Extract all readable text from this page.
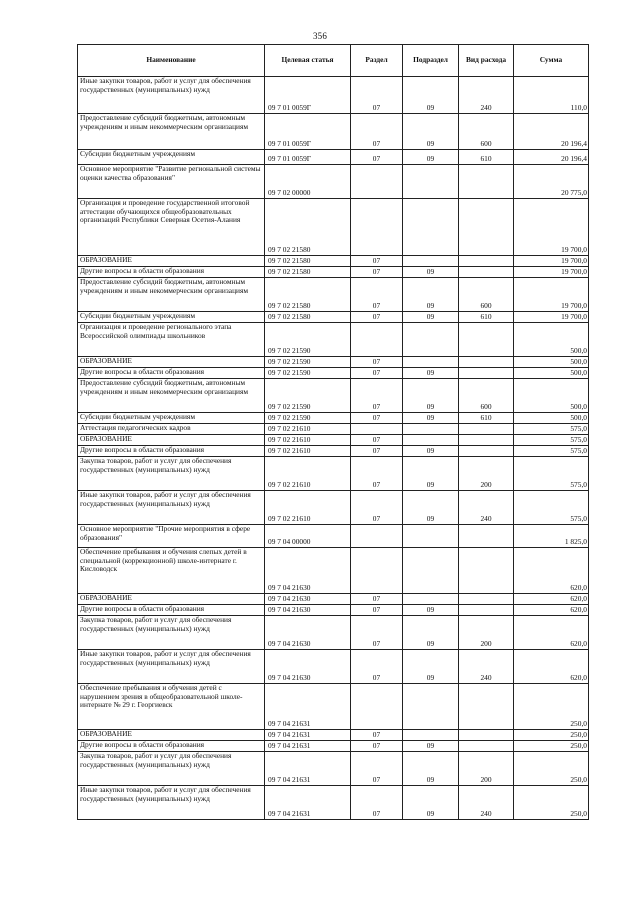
356
Наименование	Целевая статья	Раздел	Подраздел	Вид расхода	Сумма
Иные закупки товаров, работ и услуг для обеспечения государственных (муниципальных) нужд	09 7 01 0059Г	07	09	240	110,0
Предоставление субсидий бюджетным, автономным учреждениям и иным некоммерческим организациям	09 7 01 0059Г	07	09	600	20 196,4
Субсидии бюджетным учреждениям	09 7 01 0059Г	07	09	610	20 196,4
Основное мероприятие "Развитие региональной системы оценки качества образования"	09 7 02 00000				20 775,0
Организация и проведение государственной итоговой аттестации обучающихся общеобразовательных организаций Республики Северная Осетия-Алания	09 7 02 21580				19 700,0
ОБРАЗОВАНИЕ	09 7 02 21580	07			19 700,0
Другие вопросы в области образования	09 7 02 21580	07	09		19 700,0
Предоставление субсидий бюджетным, автономным учреждениям и иным некоммерческим организациям	09 7 02 21580	07	09	600	19 700,0
Субсидии бюджетным учреждениям	09 7 02 21580	07	09	610	19 700,0
Организация и проведение регионального этапа Всероссийской олимпиады школьников	09 7 02 21590				500,0
ОБРАЗОВАНИЕ	09 7 02 21590	07			500,0
Другие вопросы в области образования	09 7 02 21590	07	09		500,0
Предоставление субсидий бюджетным, автономным учреждениям и иным некоммерческим организациям	09 7 02 21590	07	09	600	500,0
Субсидии бюджетным учреждениям	09 7 02 21590	07	09	610	500,0
Аттестация педагогических кадров	09 7 02 21610				575,0
ОБРАЗОВАНИЕ	09 7 02 21610	07			575,0
Другие вопросы в области образования	09 7 02 21610	07	09		575,0
Закупка товаров, работ и услуг для обеспечения государственных (муниципальных) нужд	09 7 02 21610	07	09	200	575,0
Иные закупки товаров, работ и услуг для обеспечения государственных (муниципальных) нужд	09 7 02 21610	07	09	240	575,0
Основное мероприятие "Прочие мероприятия в сфере образования"	09 7 04 00000				1 825,0
Обеспечение пребывания и обучения слепых детей в специальной (коррекционной) школе-интернате г. Кисловодск	09 7 04 21630				620,0
ОБРАЗОВАНИЕ	09 7 04 21630	07			620,0
Другие вопросы в области образования	09 7 04 21630	07	09		620,0
Закупка товаров, работ и услуг для обеспечения государственных (муниципальных) нужд	09 7 04 21630	07	09	200	620,0
Иные закупки товаров, работ и услуг для обеспечения государственных (муниципальных) нужд	09 7 04 21630	07	09	240	620,0
Обеспечение пребывания и обучения детей с нарушением зрения в общеобразовательной школе-интернате № 29 г. Георгиевск	09 7 04 21631				250,0
ОБРАЗОВАНИЕ	09 7 04 21631	07			250,0
Другие вопросы в области образования	09 7 04 21631	07	09		250,0
Закупка товаров, работ и услуг для обеспечения государственных (муниципальных) нужд	09 7 04 21631	07	09	200	250,0
Иные закупки товаров, работ и услуг для обеспечения государственных (муниципальных) нужд	09 7 04 21631	07	09	240	250,0
